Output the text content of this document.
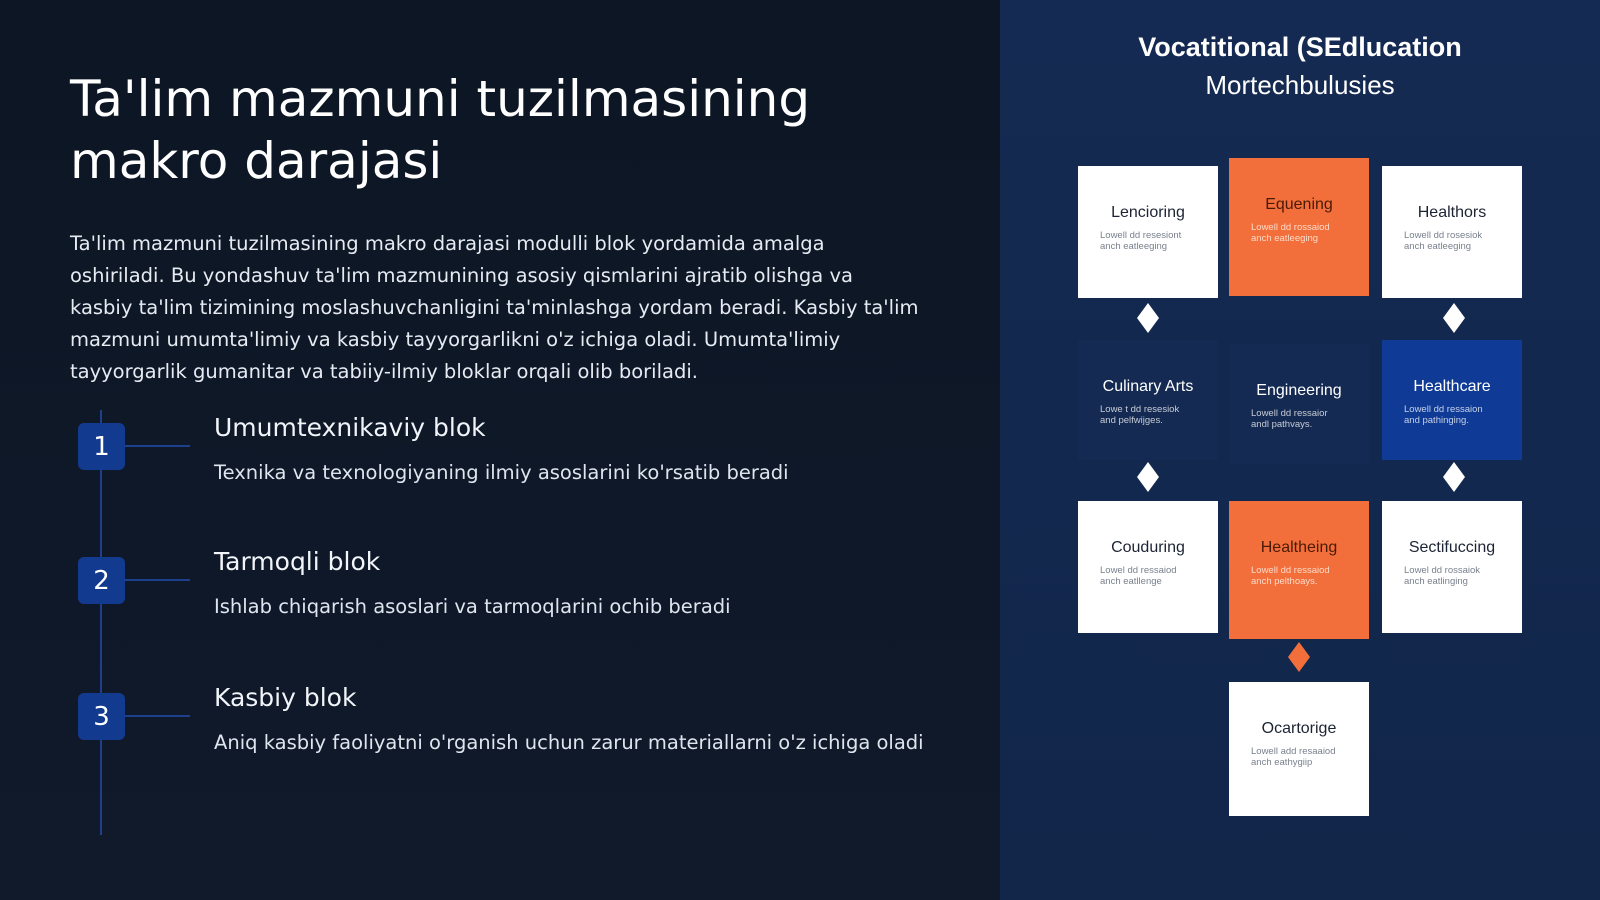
Ta'lim mazmuni tuzilmasining
makro darajasi

Ta'lim mazmuni tuzilmasining makro darajasi modulli blok yordamida amalga oshiriladi. Bu yondashuv ta'lim mazmunining asosiy qismlarini ajratib olishga va kasbiy ta'lim tizimining moslashuvchanligini ta'minlashga yordam beradi. Kasbiy ta'lim mazmuni umumta'limiy va kasbiy tayyorgarlikni o'z ichiga oladi. Umumta'limiy tayyorgarlik gumanitar va tabiiy-ilmiy bloklar orqali olib boriladi.

1
Umumtexnikaviy blok
Texnika va texnologiyaning ilmiy asoslarini ko'rsatib beradi
2
Tarmoqli blok
Ishlab chiqarish asoslari va tarmoqlarini ochib beradi
3
Kasbiy blok
Aniq kasbiy faoliyatni o'rganish uchun zarur materiallarni o'z ichiga oladi
Vocatitional (SEdlucation
Mortechbulusies
Lencioring
Lowell dd resesiont anch eatleeging
Equening
Lowell dd rossaiod anch eatleeging
Healthors
Lowell dd rosesiok anch eatleeging
Culinary Arts
Lowe t dd resesiok and pelfwijges.
Engineering
Lowell dd ressaior andl pathvays.
Healthcare
Lowell dd ressaion and pathinging.
Couduring
Lowel dd ressaiod anch eatllenge
Healtheing
Lowell dd ressaiod anch pelthoays.
Sectifuccing
Lowel dd rossaiok anch eatlinging
Ocartorige
Lowell add resaaiod anch eathygiip
